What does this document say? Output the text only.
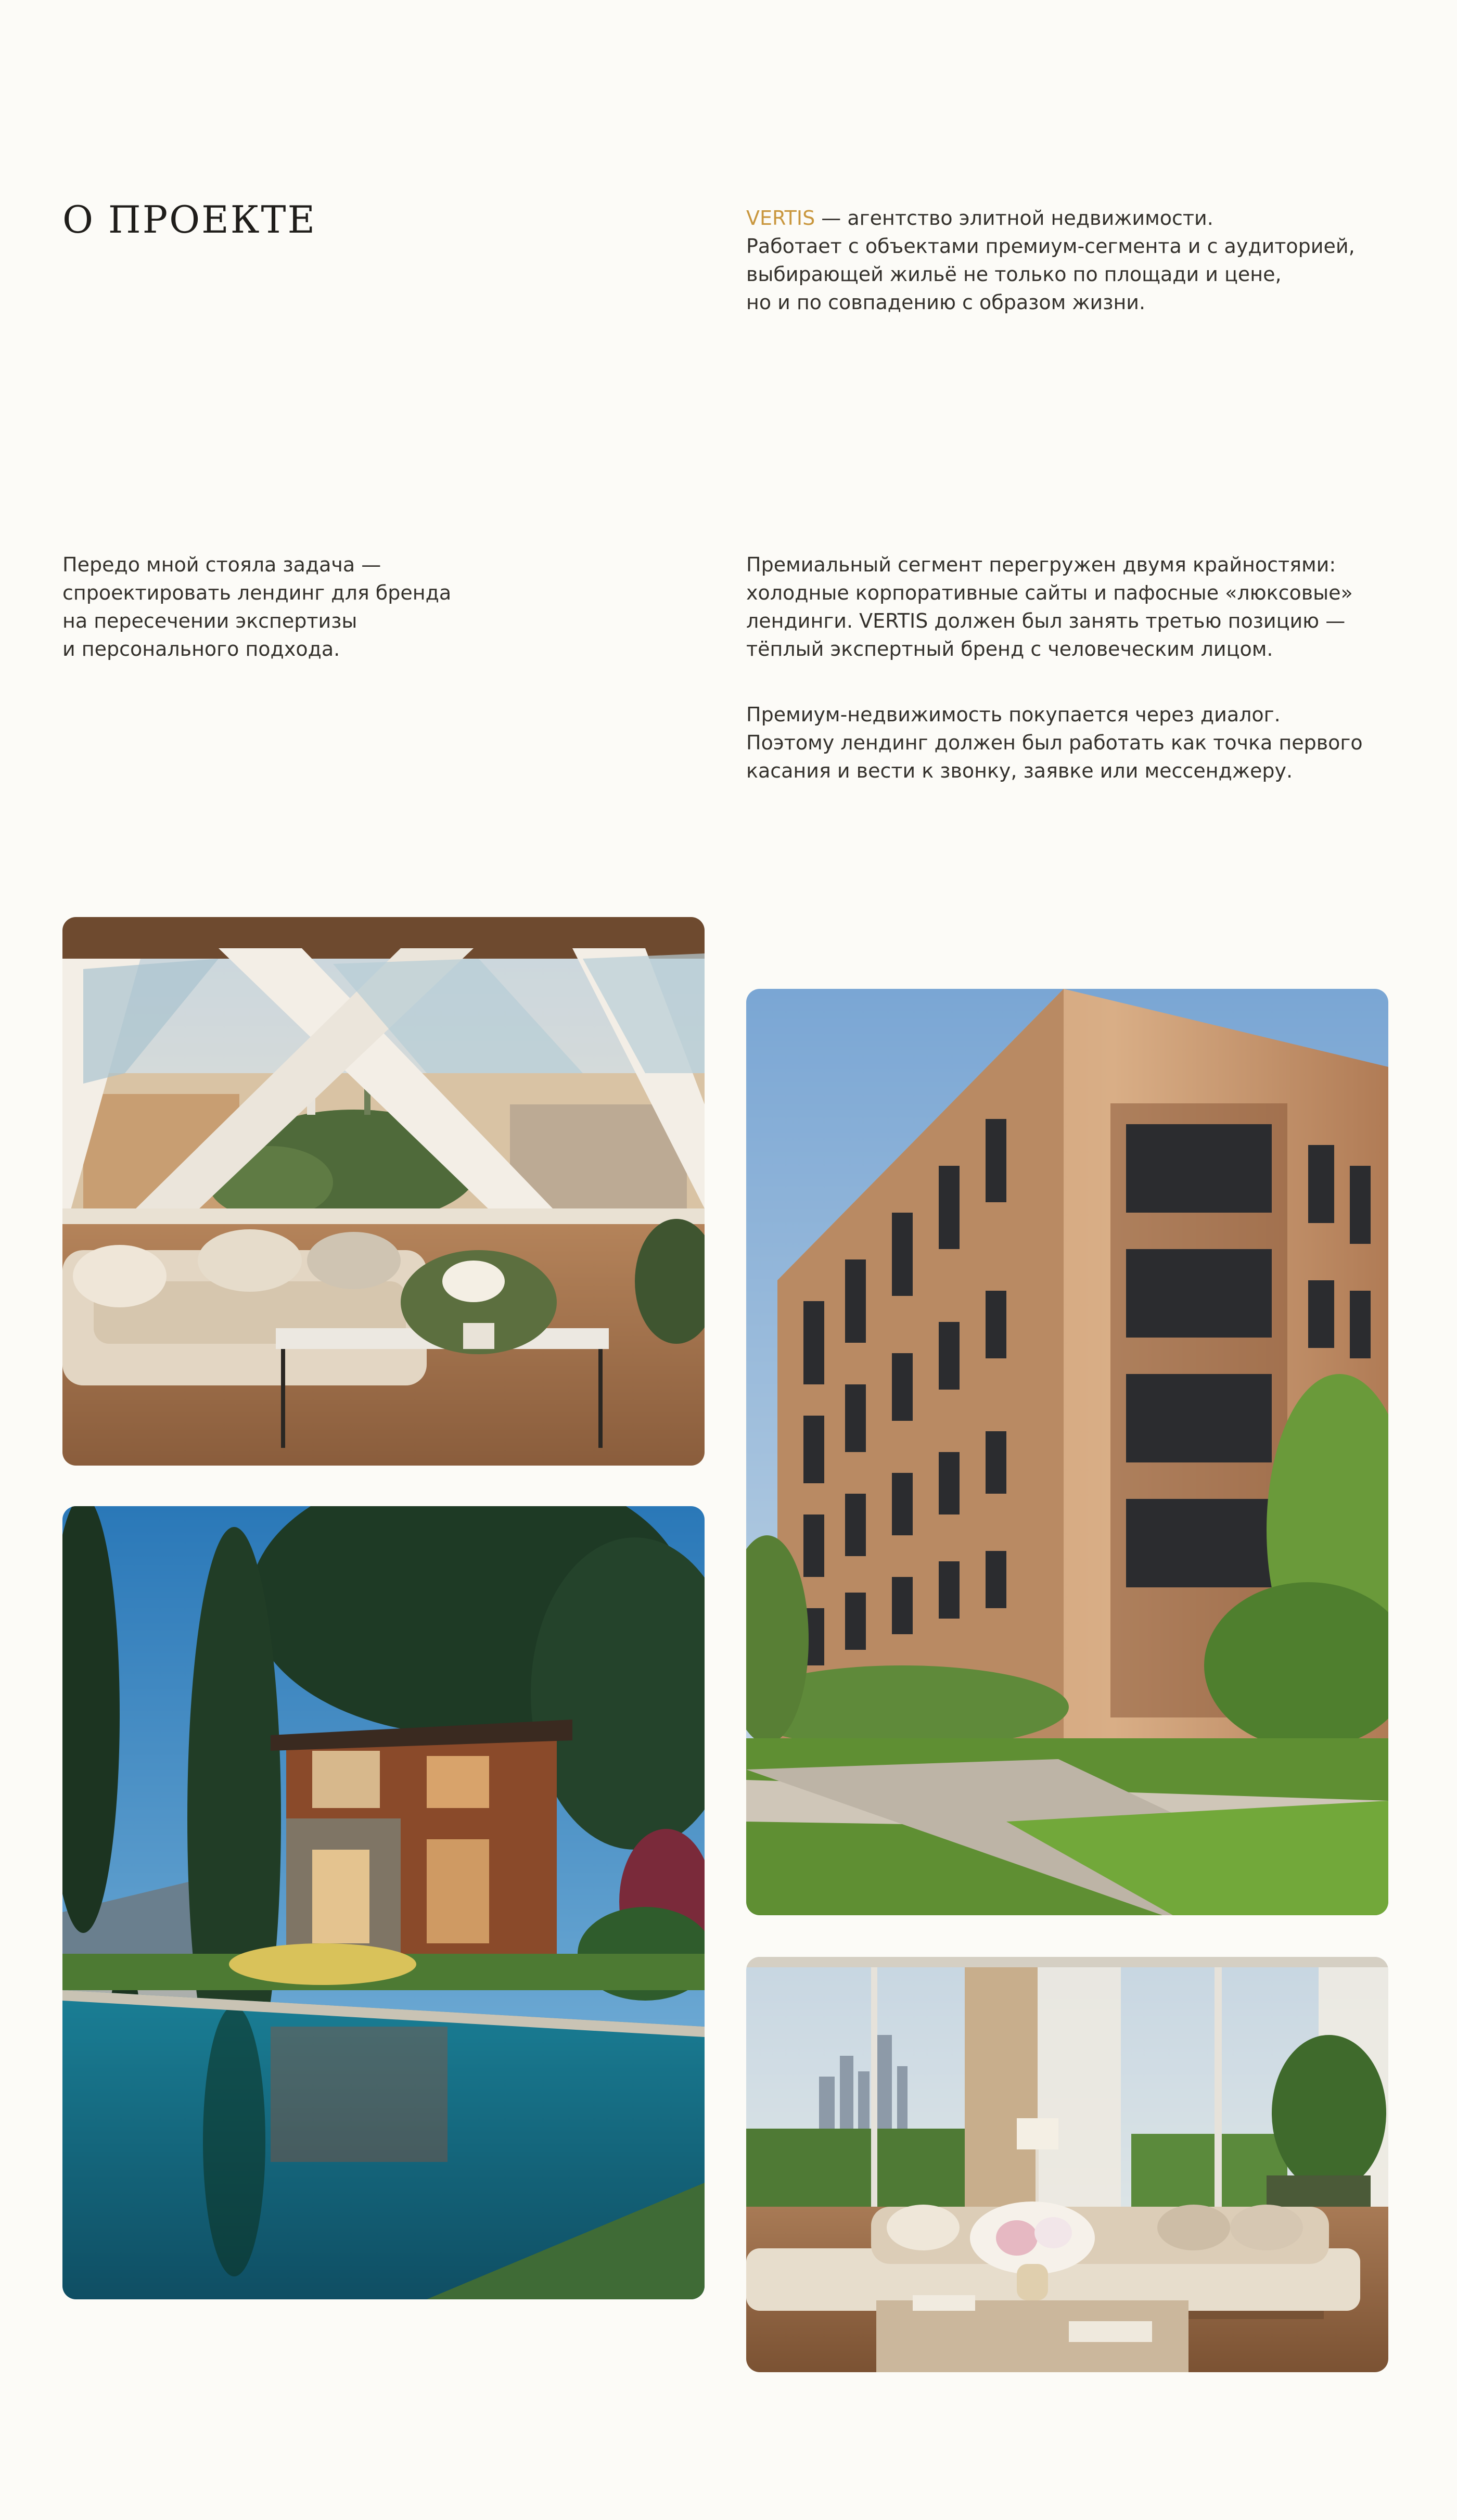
О ПРОЕКТЕ	VERTIS — агентство элитной недвижимости.
Работает с объектами премиум-сегмента и с аудиторией,
выбирающей жильё не только по площади и цене,
но и по совпадению с образом жизни.

Передо мной стояла задача —
спроектировать лендинг для бренда
на пересечении экспертизы
и персонального подхода.

Премиальный сегмент перегружен двумя крайностями:
холодные корпоративные сайты и пафосные «люксовые»
лендинги. VERTIS должен был занять третью позицию —
тёплый экспертный бренд с человеческим лицом.

Премиум-недвижимость покупается через диалог.
Поэтому лендинг должен был работать как точка первого
касания и вести к звонку, заявке или мессенджеру.
